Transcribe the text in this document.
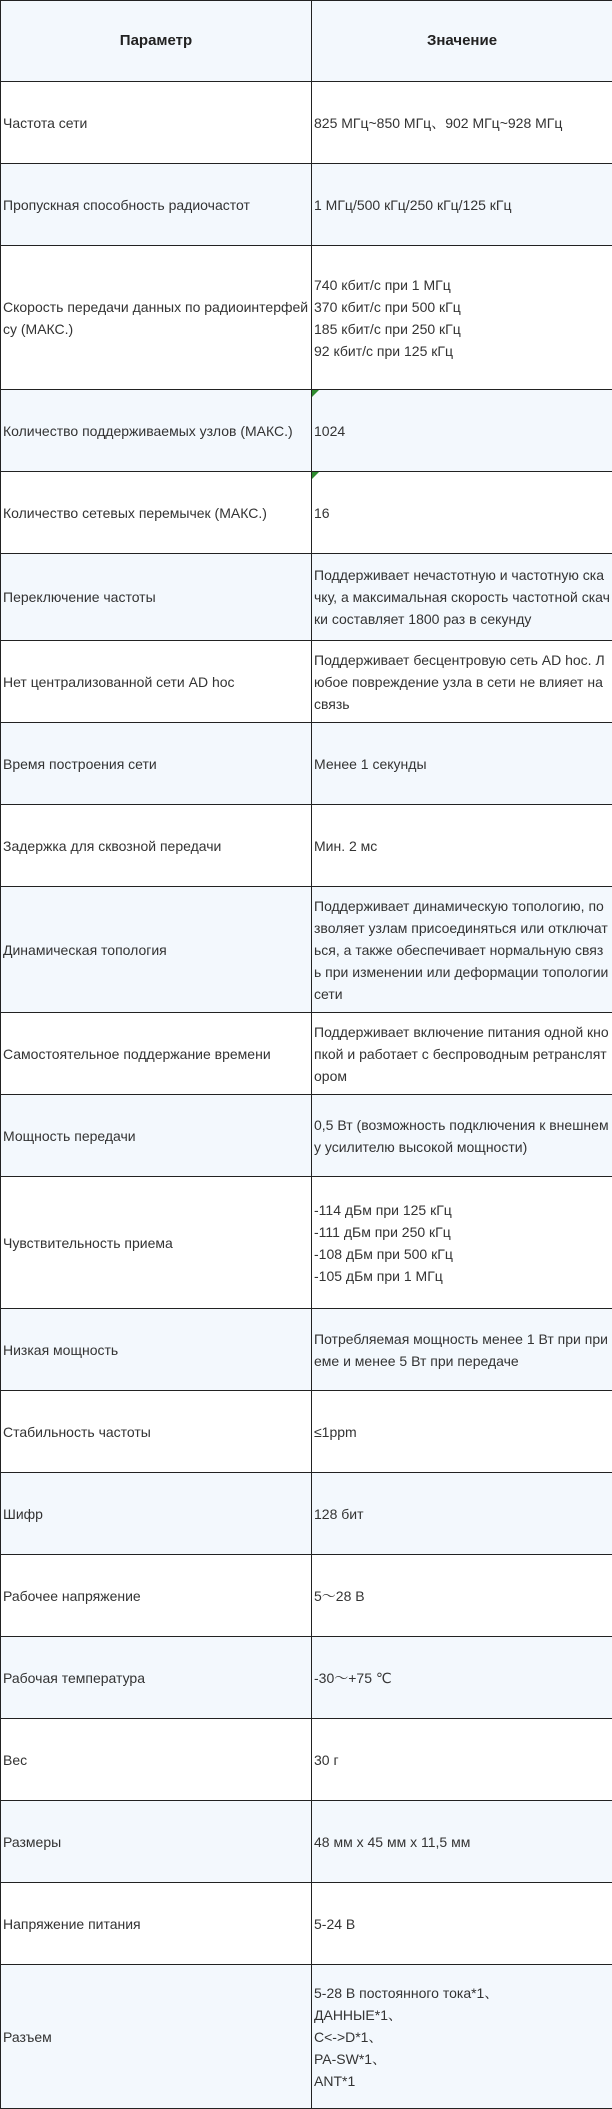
Параметр	Значение
Частота сети	825 МГц~850 МГц、902 МГц~928 МГц

Пропускная способность радиочастот	1 МГц/500 кГц/250 кГц/125 кГц

Скорость передачи данных по радиоинтерфейсу (МАКС.)	740 кбит/с при 1 МГц
370 кбит/с при 500 кГц
185 кбит/с при 250 кГц
92 кбит/с при 125 кГц

Количество поддерживаемых узлов (МАКС.)	1024

Количество сетевых перемычек (МАКС.)	16

Переключение частоты	Поддерживает нечастотную и частотную скачку, а максимальная скорость частотной скачки составляет 1800 раз в секунду

Нет централизованной сети AD hoc	Поддерживает бесцентровую сеть AD hoc. Любое повреждение узла в сети не влияет на связь

Время построения сети	Менее 1 секунды

Задержка для сквозной передачи	Мин. 2 мс

Динамическая топология	Поддерживает динамическую топологию, позволяет узлам присоединяться или отключаться, а также обеспечивает нормальную связь при изменении или деформации топологии сети

Самостоятельное поддержание времени	Поддерживает включение питания одной кнопкой и работает с беспроводным ретранслятором

Мощность передачи	0,5 Вт (возможность подключения к внешнему усилителю высокой мощности)

Чувствительность приема	-114 дБм при 125 кГц
-111 дБм при 250 кГц
-108 дБм при 500 кГц
-105 дБм при 1 МГц

Низкая мощность	Потребляемая мощность менее 1 Вт при приеме и менее 5 Вт при передаче

Стабильность частоты	≤1ppm

Шифр	128 бит

Рабочее напряжение	5～28 В

Рабочая температура	-30～+75 ℃

Вес	30 г

Размеры	48 мм x 45 мм x 11,5 мм

Напряжение питания	5-24 В

Разъем	5-28 В постоянного тока*1、
ДАННЫЕ*1、
C<->D*1、
PA-SW*1、
ANT*1
